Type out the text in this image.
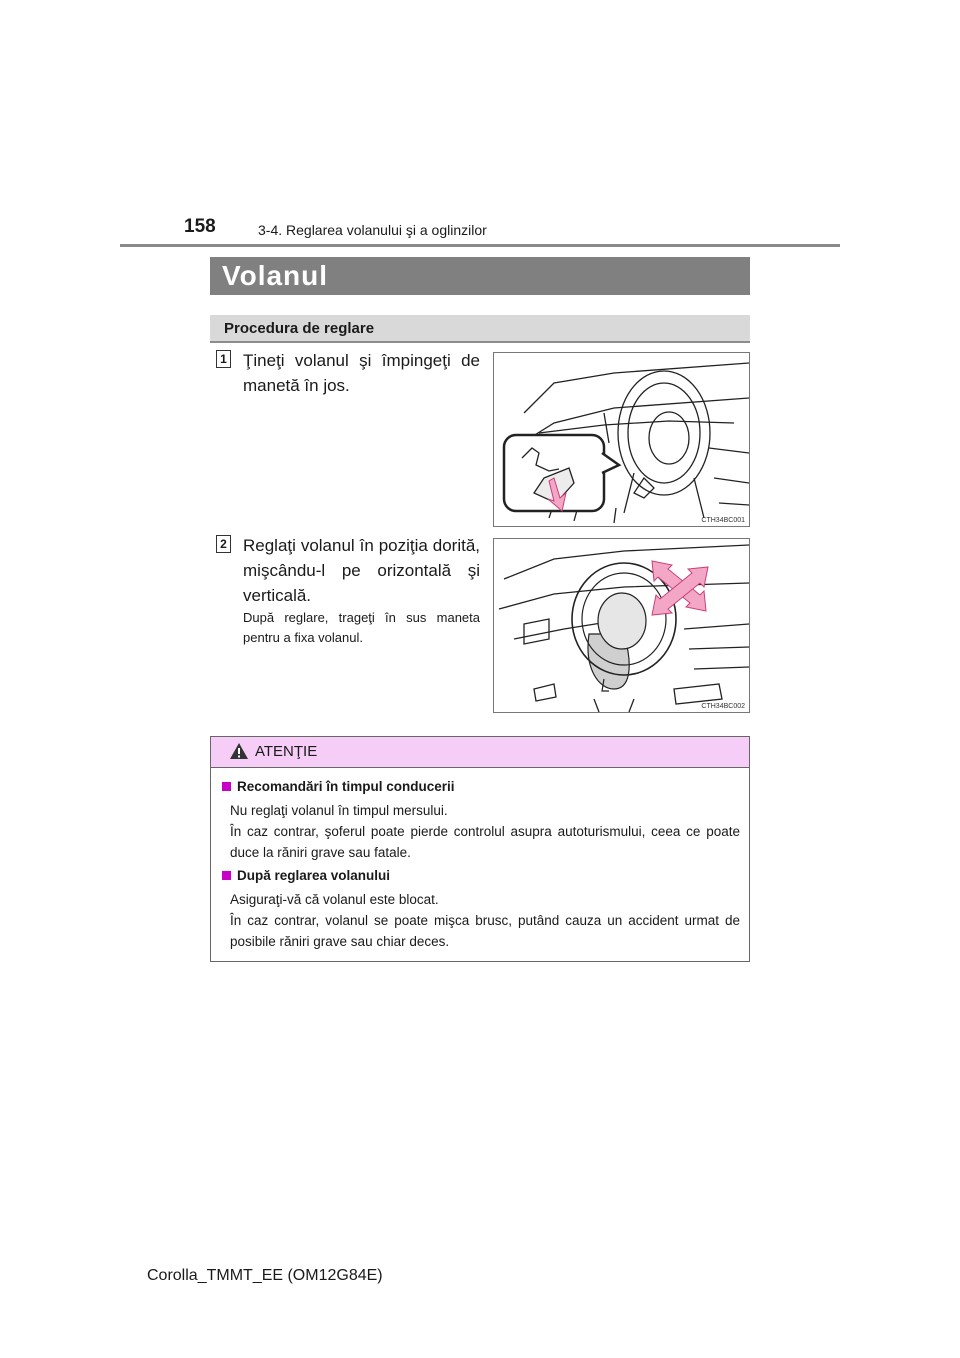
158	3-4. Reglarea volanului şi a oglinzilor
Volanul
Procedura de reglare
1 Ţineţi volanul şi împingeţi de manetă în jos.
CTH34BC001
2 Reglaţi volanul în poziţia dorită, mişcându-l pe orizontală şi verticală.
După reglare, trageţi în sus maneta pentru a fixa volanul.
CTH34BC002
ATENŢIE
Recomandări în timpul conducerii
Nu reglaţi volanul în timpul mersului.
În caz contrar, şoferul poate pierde controlul asupra autoturismului, ceea ce poate duce la răniri grave sau fatale.
După reglarea volanului
Asiguraţi-vă că volanul este blocat.
În caz contrar, volanul se poate mişca brusc, putând cauza un accident urmat de posibile răniri grave sau chiar deces.
Corolla_TMMT_EE (OM12G84E)
